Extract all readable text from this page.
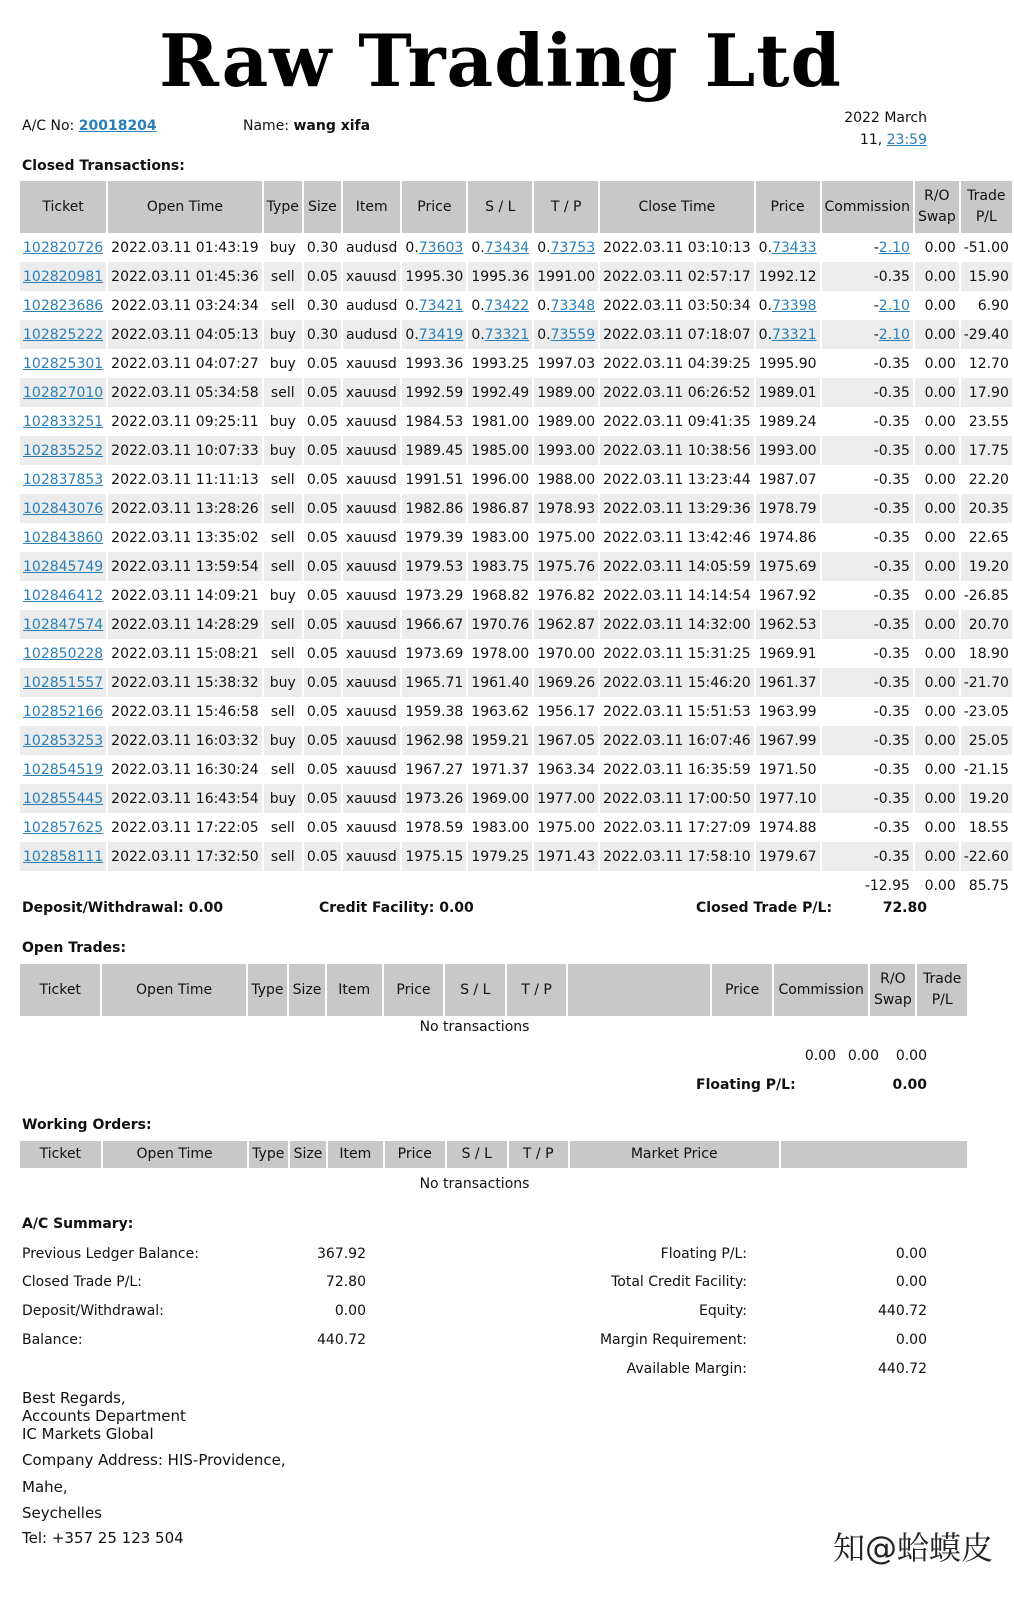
Raw Trading Ltd
A/C No: 20018204	Name: wang xifa	2022 March
11, 23:59
Closed Transactions:
Ticket	Open Time	Type	Size	Item	Price	S / L	T / P	Close Time	Price	Commission	R/O Swap	Trade P/L
102820726	2022.03.11 01:43:19	buy	0.30	audusd	0.73603	0.73434	0.73753	2022.03.11 03:10:13	0.73433	-2.10	0.00	-51.00
102820981	2022.03.11 01:45:36	sell	0.05	xauusd	1995.30	1995.36	1991.00	2022.03.11 02:57:17	1992.12	-0.35	0.00	15.90
102823686	2022.03.11 03:24:34	sell	0.30	audusd	0.73421	0.73422	0.73348	2022.03.11 03:50:34	0.73398	-2.10	0.00	6.90
102825222	2022.03.11 04:05:13	buy	0.30	audusd	0.73419	0.73321	0.73559	2022.03.11 07:18:07	0.73321	-2.10	0.00	-29.40
102825301	2022.03.11 04:07:27	buy	0.05	xauusd	1993.36	1993.25	1997.03	2022.03.11 04:39:25	1995.90	-0.35	0.00	12.70
102827010	2022.03.11 05:34:58	sell	0.05	xauusd	1992.59	1992.49	1989.00	2022.03.11 06:26:52	1989.01	-0.35	0.00	17.90
102833251	2022.03.11 09:25:11	buy	0.05	xauusd	1984.53	1981.00	1989.00	2022.03.11 09:41:35	1989.24	-0.35	0.00	23.55
102835252	2022.03.11 10:07:33	buy	0.05	xauusd	1989.45	1985.00	1993.00	2022.03.11 10:38:56	1993.00	-0.35	0.00	17.75
102837853	2022.03.11 11:11:13	sell	0.05	xauusd	1991.51	1996.00	1988.00	2022.03.11 13:23:44	1987.07	-0.35	0.00	22.20
102843076	2022.03.11 13:28:26	sell	0.05	xauusd	1982.86	1986.87	1978.93	2022.03.11 13:29:36	1978.79	-0.35	0.00	20.35
102843860	2022.03.11 13:35:02	sell	0.05	xauusd	1979.39	1983.00	1975.00	2022.03.11 13:42:46	1974.86	-0.35	0.00	22.65
102845749	2022.03.11 13:59:54	sell	0.05	xauusd	1979.53	1983.75	1975.76	2022.03.11 14:05:59	1975.69	-0.35	0.00	19.20
102846412	2022.03.11 14:09:21	buy	0.05	xauusd	1973.29	1968.82	1976.82	2022.03.11 14:14:54	1967.92	-0.35	0.00	-26.85
102847574	2022.03.11 14:28:29	sell	0.05	xauusd	1966.67	1970.76	1962.87	2022.03.11 14:32:00	1962.53	-0.35	0.00	20.70
102850228	2022.03.11 15:08:21	sell	0.05	xauusd	1973.69	1978.00	1970.00	2022.03.11 15:31:25	1969.91	-0.35	0.00	18.90
102851557	2022.03.11 15:38:32	buy	0.05	xauusd	1965.71	1961.40	1969.26	2022.03.11 15:46:20	1961.37	-0.35	0.00	-21.70
102852166	2022.03.11 15:46:58	sell	0.05	xauusd	1959.38	1963.62	1956.17	2022.03.11 15:51:53	1963.99	-0.35	0.00	-23.05
102853253	2022.03.11 16:03:32	buy	0.05	xauusd	1962.98	1959.21	1967.05	2022.03.11 16:07:46	1967.99	-0.35	0.00	25.05
102854519	2022.03.11 16:30:24	sell	0.05	xauusd	1967.27	1971.37	1963.34	2022.03.11 16:35:59	1971.50	-0.35	0.00	-21.15
102855445	2022.03.11 16:43:54	buy	0.05	xauusd	1973.26	1969.00	1977.00	2022.03.11 17:00:50	1977.10	-0.35	0.00	19.20
102857625	2022.03.11 17:22:05	sell	0.05	xauusd	1978.59	1983.00	1975.00	2022.03.11 17:27:09	1974.88	-0.35	0.00	18.55
102858111	2022.03.11 17:32:50	sell	0.05	xauusd	1975.15	1979.25	1971.43	2022.03.11 17:58:10	1979.67	-0.35	0.00	-22.60
										-12.95	0.00	85.75
Deposit/Withdrawal: 0.00	Credit Facility: 0.00	Closed Trade P/L:	72.80
Open Trades:
Ticket	Open Time	Type	Size	Item	Price	S / L	T / P		Price	Commission	R/O Swap	Trade P/L
No transactions
0.00 0.00 0.00
Floating P/L:	0.00
Working Orders:
Ticket	Open Time	Type	Size	Item	Price	S / L	T / P	Market Price	
No transactions
A/C Summary:
Previous Ledger Balance:	367.92
Closed Trade P/L:	72.80
Deposit/Withdrawal:	0.00
Balance:	440.72
Floating P/L:	0.00
Total Credit Facility:	0.00
Equity:	440.72
Margin Requirement:	0.00
Available Margin:	440.72
Best Regards,
Accounts Department
IC Markets Global
Company Address: HIS-Providence,
Mahe,
Seychelles
Tel: +357 25 123 504	知@蛤蟆皮
